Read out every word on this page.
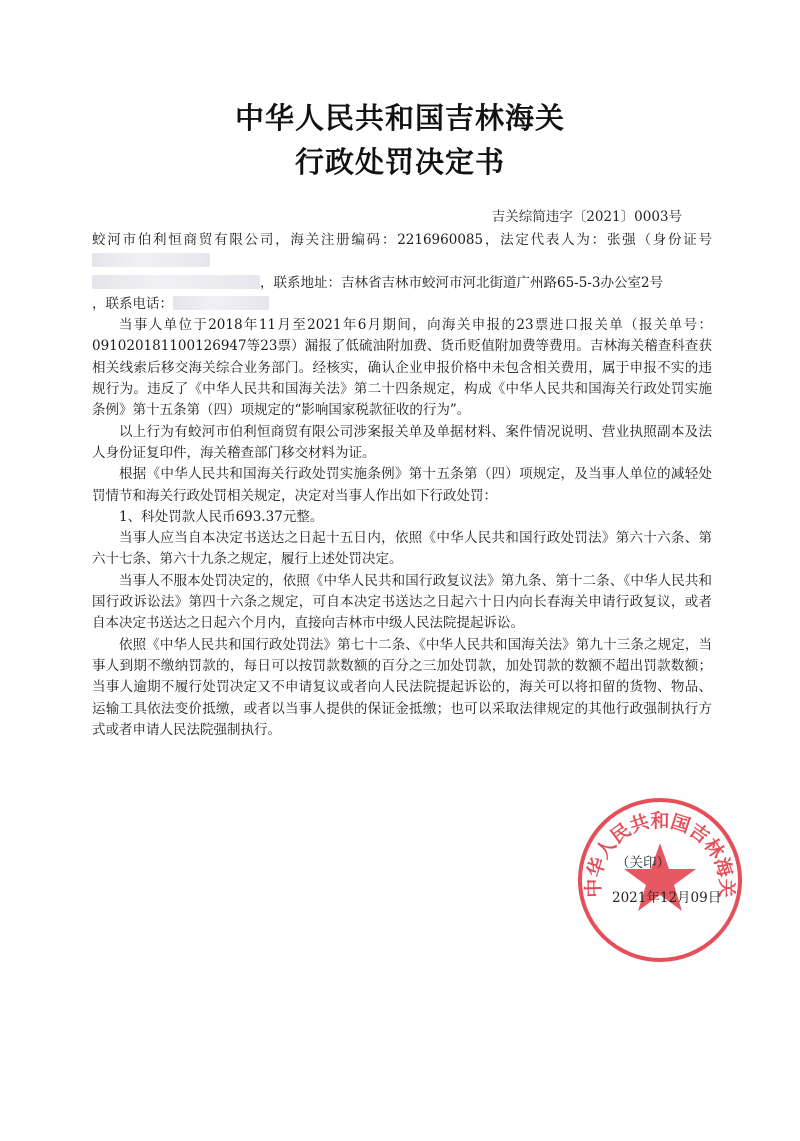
中华人民共和国吉林海关
行政处罚决定书
吉关综简违字〔2021〕0003号

蛟河市伯利恒商贸有限公司，海关注册编码：2216960085，法定代表人为：张强（身份证号
，联系地址：吉林省吉林市蛟河市河北街道广州路65-5-3办公室2号
，联系电话：

当事人单位于2018年11月至2021年6月期间，向海关申报的23票进口报关单（报关单号：091020181100126947等23票）漏报了低硫油附加费、货币贬值附加费等费用。吉林海关稽查科查获相关线索后移交海关综合业务部门。经核实，确认企业申报价格中未包含相关费用，属于申报不实的违规行为。违反了《中华人民共和国海关法》第二十四条规定，构成《中华人民共和国海关行政处罚实施条例》第十五条第（四）项规定的“影响国家税款征收的行为”。

以上行为有蛟河市伯利恒商贸有限公司涉案报关单及单据材料、案件情况说明、营业执照副本及法人身份证复印件，海关稽查部门移交材料为证。

根据《中华人民共和国海关行政处罚实施条例》第十五条第（四）项规定，及当事人单位的减轻处罚情节和海关行政处罚相关规定，决定对当事人作出如下行政处罚：

1、科处罚款人民币693.37元整。

当事人应当自本决定书送达之日起十五日内，依照《中华人民共和国行政处罚法》第六十六条、第六十七条、第六十九条之规定，履行上述处罚决定。

当事人不服本处罚决定的，依照《中华人民共和国行政复议法》第九条、第十二条、《中华人民共和国行政诉讼法》第四十六条之规定，可自本决定书送达之日起六十日内向长春海关申请行政复议，或者自本决定书送达之日起六个月内，直接向吉林市中级人民法院提起诉讼。

依照《中华人民共和国行政处罚法》第七十二条、《中华人民共和国海关法》第九十三条之规定，当事人到期不缴纳罚款的，每日可以按罚款数额的百分之三加处罚款，加处罚款的数额不超出罚款数额；当事人逾期不履行处罚决定又不申请复议或者向人民法院提起诉讼的，海关可以将扣留的货物、物品、运输工具依法变价抵缴，或者以当事人提供的保证金抵缴；也可以采取法律规定的其他行政强制执行方式或者申请人民法院强制执行。

中华人民共和国吉林海关
（关印）
2021年12月09日
